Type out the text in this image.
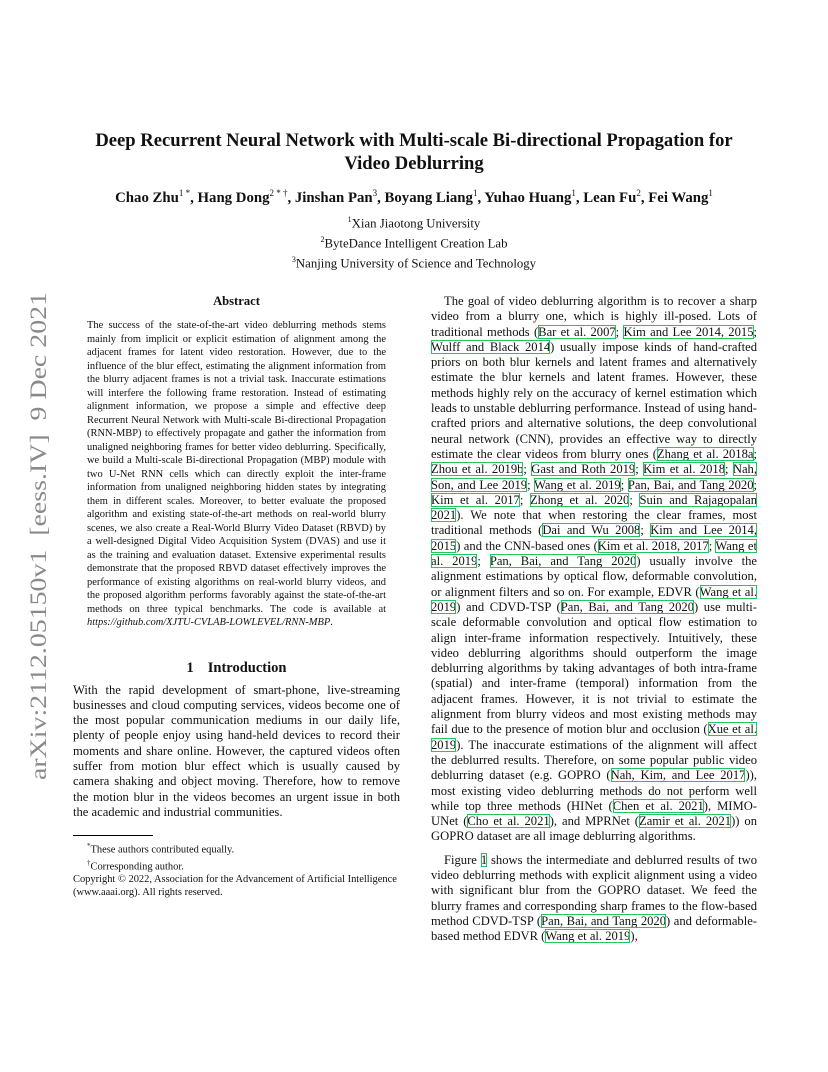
arXiv:2112.05150v1  [eess.IV]  9 Dec 2021
Deep Recurrent Neural Network with Multi-scale Bi-directional Propagation for
Video Deblurring
Chao Zhu$^{1 *}$, Hang Dong$^{2 * \dagger}$, Jinshan Pan$^3$, Boyang Liang$^1$, Yuhao Huang$^1$, Lean Fu$^2$, Fei Wang$^1$
$^1$Xian Jiaotong University
$^2$ByteDance Intelligent Creation Lab
$^3$Nanjing University of Science and Technology
Abstract

The success of the state-of-the-art video deblurring methods stems mainly from implicit or explicit estimation of alignment among the adjacent frames for latent video restoration. However, due to the influence of the blur effect, estimating the alignment information from the blurry adjacent frames is not a trivial task. Inaccurate estimations will interfere the following frame restoration. Instead of estimating alignment information, we propose a simple and effective deep Recurrent Neural Network with Multi-scale Bi-directional Propagation (RNN-MBP) to effectively propagate and gather the information from unaligned neighboring frames for better video deblurring. Specifically, we build a Multi-scale Bi-directional Propagation (MBP) module with two U-Net RNN cells which can directly exploit the inter-frame information from unaligned neighboring hidden states by integrating them in different scales. Moreover, to better evaluate the proposed algorithm and existing state-of-the-art methods on real-world blurry scenes, we also create a Real-World Blurry Video Dataset (RBVD) by a well-designed Digital Video Acquisition System (DVAS) and use it as the training and evaluation dataset. Extensive experimental results demonstrate that the proposed RBVD dataset effectively improves the performance of existing algorithms on real-world blurry videos, and the proposed algorithm performs favorably against the state-of-the-art methods on three typical benchmarks. The code is available at https://github.com/XJTU-CVLAB-LOWLEVEL/RNN-MBP.

1 Introduction

With the rapid development of smart-phone, live-streaming businesses and cloud computing services, videos become one of the most popular communication mediums in our daily life, plenty of people enjoy using hand-held devices to record their moments and share online. However, the captured videos often suffer from motion blur effect which is usually caused by camera shaking and object moving. Therefore, how to remove the motion blur in the videos becomes an urgent issue in both the academic and industrial communities.

*These authors contributed equally.
†Corresponding author.
Copyright © 2022, Association for the Advancement of Artificial Intelligence (www.aaai.org). All rights reserved.

The goal of video deblurring algorithm is to recover a sharp video from a blurry one, which is highly ill-posed. Lots of traditional methods (Bar et al. 2007; Kim and Lee 2014, 2015; Wulff and Black 2014) usually impose kinds of hand-crafted priors on both blur kernels and latent frames and alternatively estimate the blur kernels and latent frames. However, these methods highly rely on the accuracy of kernel estimation which leads to unstable deblurring performance. Instead of using hand-crafted priors and alternative solutions, the deep convolutional neural network (CNN), provides an effective way to directly estimate the clear videos from blurry ones (Zhang et al. 2018a; Zhou et al. 2019b; Gast and Roth 2019; Kim et al. 2018; Nah, Son, and Lee 2019; Wang et al. 2019; Pan, Bai, and Tang 2020; Kim et al. 2017; Zhong et al. 2020; Suin and Rajagopalan 2021). We note that when restoring the clear frames, most traditional methods (Dai and Wu 2008; Kim and Lee 2014, 2015) and the CNN-based ones (Kim et al. 2018, 2017; Wang et al. 2019; Pan, Bai, and Tang 2020) usually involve the alignment estimations by optical flow, deformable convolution, or alignment filters and so on. For example, EDVR (Wang et al. 2019) and CDVD-TSP (Pan, Bai, and Tang 2020) use multi-scale deformable convolution and optical flow estimation to align inter-frame information respectively. Intuitively, these video deblurring algorithms should outperform the image deblurring algorithms by taking advantages of both intra-frame (spatial) and inter-frame (temporal) information from the adjacent frames. However, it is not trivial to estimate the alignment from blurry videos and most existing methods may fail due to the presence of motion blur and occlusion (Xue et al. 2019). The inaccurate estimations of the alignment will affect the deblurred results. Therefore, on some popular public video deblurring dataset (e.g. GOPRO (Nah, Kim, and Lee 2017)), most existing video deblurring methods do not perform well while top three methods (HINet (Chen et al. 2021), MIMO-UNet (Cho et al. 2021), and MPRNet (Zamir et al. 2021)) on GOPRO dataset are all image deblurring algorithms.

Figure 1 shows the intermediate and deblurred results of two video deblurring methods with explicit alignment using a video with significant blur from the GOPRO dataset. We feed the blurry frames and corresponding sharp frames to the flow-based method CDVD-TSP (Pan, Bai, and Tang 2020) and deformable-based method EDVR (Wang et al. 2019),
